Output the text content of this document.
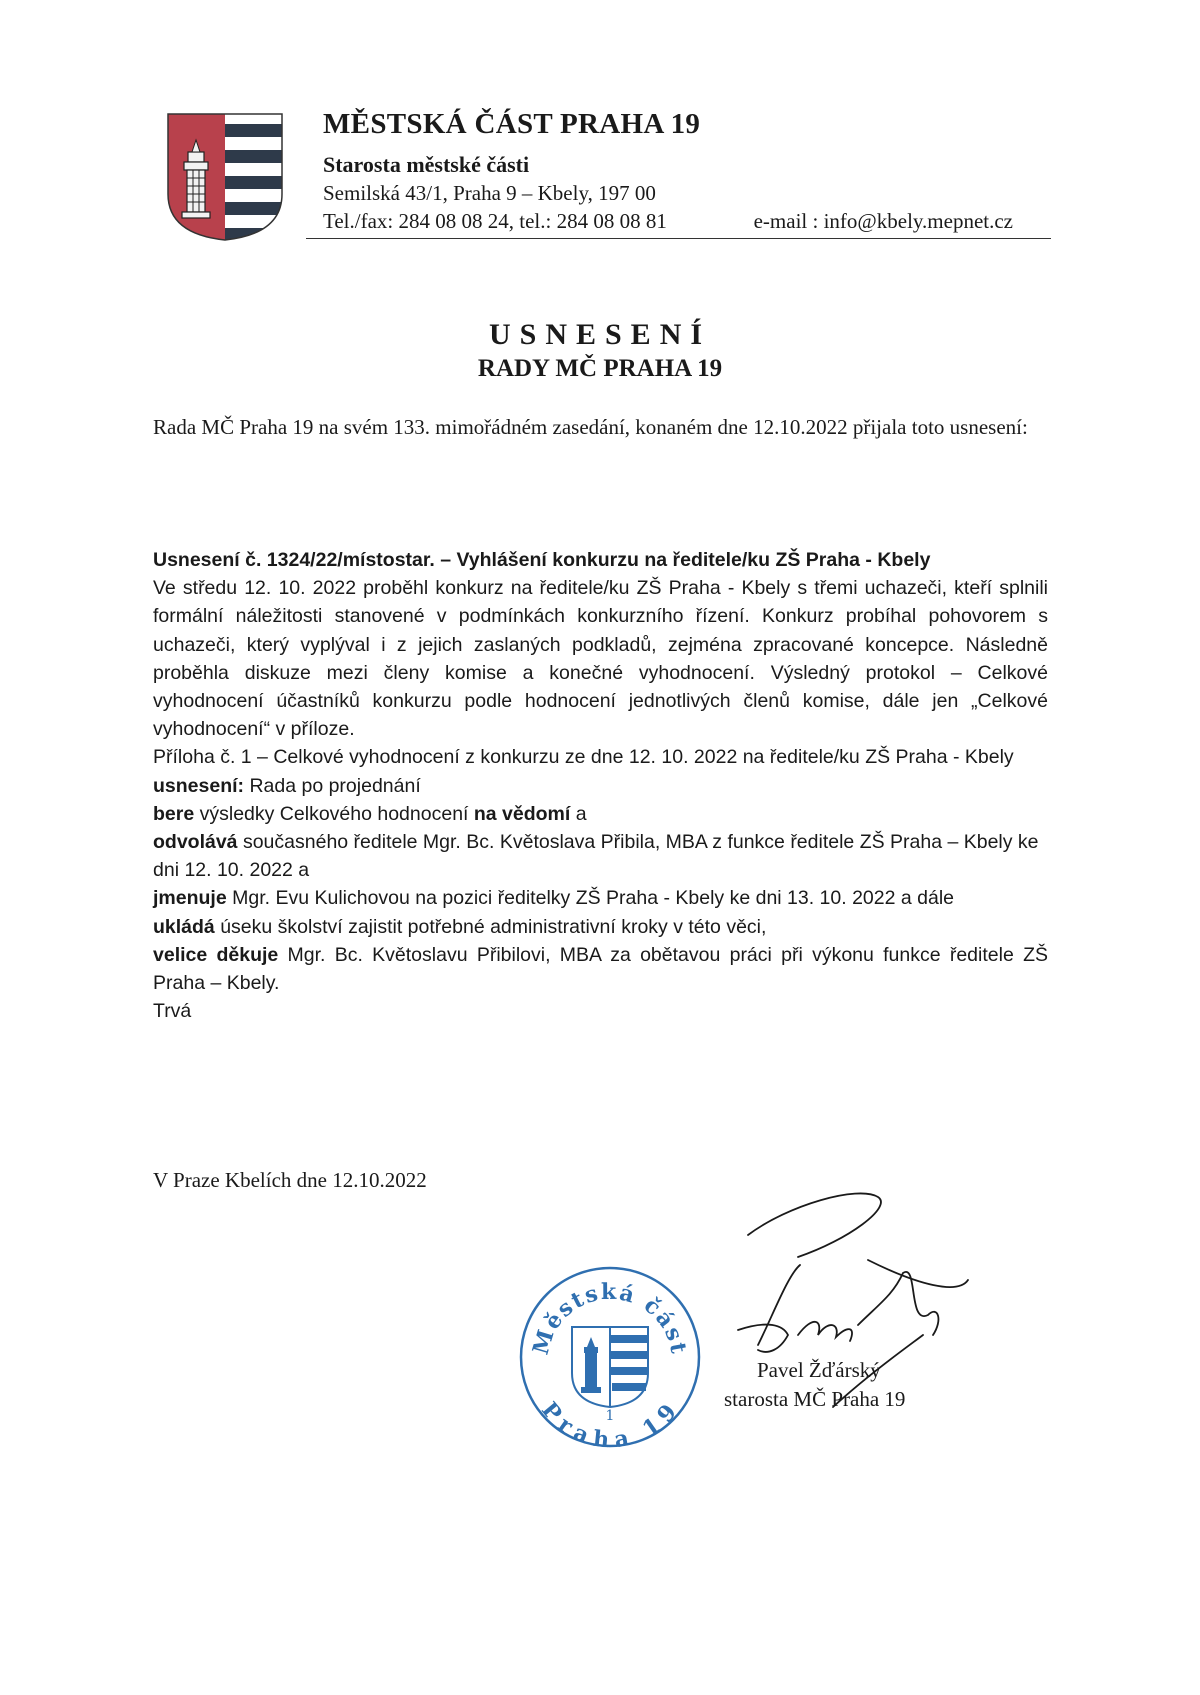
MĚSTSKÁ ČÁST PRAHA 19
Starosta městské části
Semilská 43/1, Praha 9 – Kbely, 197 00
Tel./fax: 284 08 08 24, tel.: 284 08 08 81	e-mail : info@kbely.mepnet.cz
USNESENÍ
RADY MČ PRAHA 19
Rada MČ Praha 19 na svém 133. mimořádném zasedání, konaném dne 12.10.2022 přijala toto usnesení:

Usnesení č. 1324/22/místostar. – Vyhlášení konkurzu na ředitele/ku ZŠ Praha - Kbely

Ve středu 12. 10. 2022 proběhl konkurz na ředitele/ku ZŠ Praha - Kbely s třemi uchazeči, kteří splnili formální náležitosti stanovené v podmínkách konkurzního řízení. Konkurz probíhal pohovorem s uchazeči, který vyplýval i z jejich zaslaných podkladů, zejména zpracované koncepce. Následně proběhla diskuze mezi členy komise a konečné vyhodnocení. Výsledný protokol – Celkové vyhodnocení účastníků konkurzu podle hodnocení jednotlivých členů komise, dále jen „Celkové vyhodnocení“ v příloze.

Příloha č. 1 – Celkové vyhodnocení z konkurzu ze dne 12. 10. 2022 na ředitele/ku ZŠ Praha - Kbely

usnesení: Rada po projednání

bere výsledky Celkového hodnocení na vědomí a

odvolává současného ředitele Mgr. Bc. Květoslava Přibila, MBA z funkce ředitele ZŠ Praha – Kbely ke dni 12. 10. 2022 a

jmenuje Mgr. Evu Kulichovou na pozici ředitelky ZŠ Praha - Kbely ke dni 13. 10. 2022 a dále

ukládá úseku školství zajistit potřebné administrativní kroky v této věci,

velice děkuje Mgr. Bc. Květoslavu Přibilovi, MBA za obětavou práci při výkonu funkce ředitele ZŠ Praha – Kbely.

Trvá

V Praze Kbelích dne 12.10.2022
Městská část
Praha 19
1
Pavel Žďárský
starosta MČ Praha 19
